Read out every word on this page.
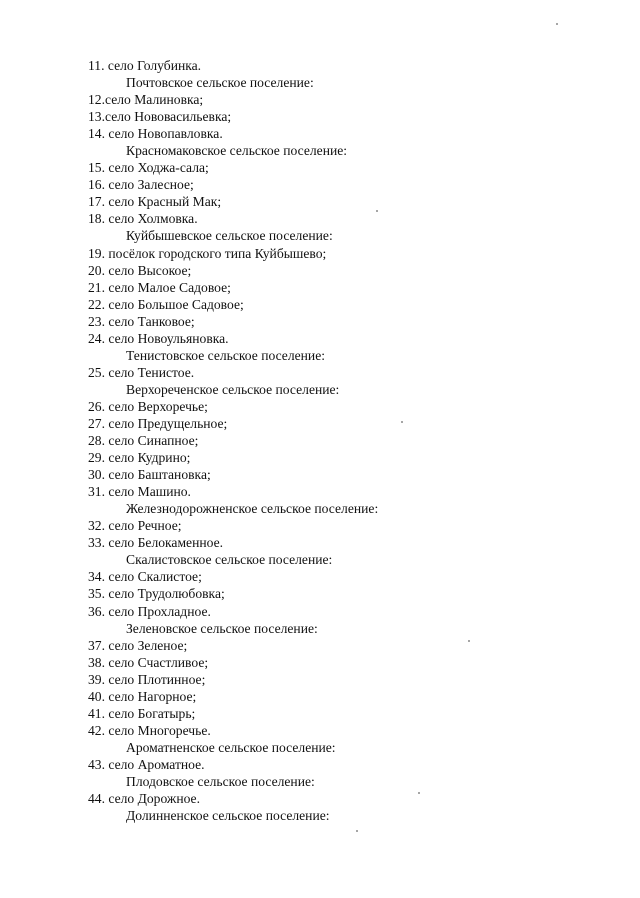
11. село Голубинка.
Почтовское сельское поселение:
12.село Малиновка;
13.село Нововасильевка;
14. село Новопавловка.
Красномаковское сельское поселение:
15. село Ходжа-сала;
16. село Залесное;
17. село Красный Мак;
18. село Холмовка.
Куйбышевское сельское поселение:
19. посёлок городского типа Куйбышево;
20. село Высокое;
21. село Малое Садовое;
22. село Большое Садовое;
23. село Танковое;
24. село Новоульяновка.
Тенистовское сельское поселение:
25. село Тенистое.
Верхореченское сельское поселение:
26. село Верхоречье;
27. село Предущельное;
28. село Синапное;
29. село Кудрино;
30. село Баштановка;
31. село Машино.
Железнодорожненское сельское поселение:
32. село Речное;
33. село Белокаменное.
Скалистовское сельское поселение:
34. село Скалистое;
35. село Трудолюбовка;
36. село Прохладное.
Зеленовское сельское поселение:
37. село Зеленое;
38. село Счастливое;
39. село Плотинное;
40. село Нагорное;
41. село Богатырь;
42. село Многоречье.
Ароматненское сельское поселение:
43. село Ароматное.
Плодовское сельское поселение:
44. село Дорожное.
Долинненское сельское поселение:
